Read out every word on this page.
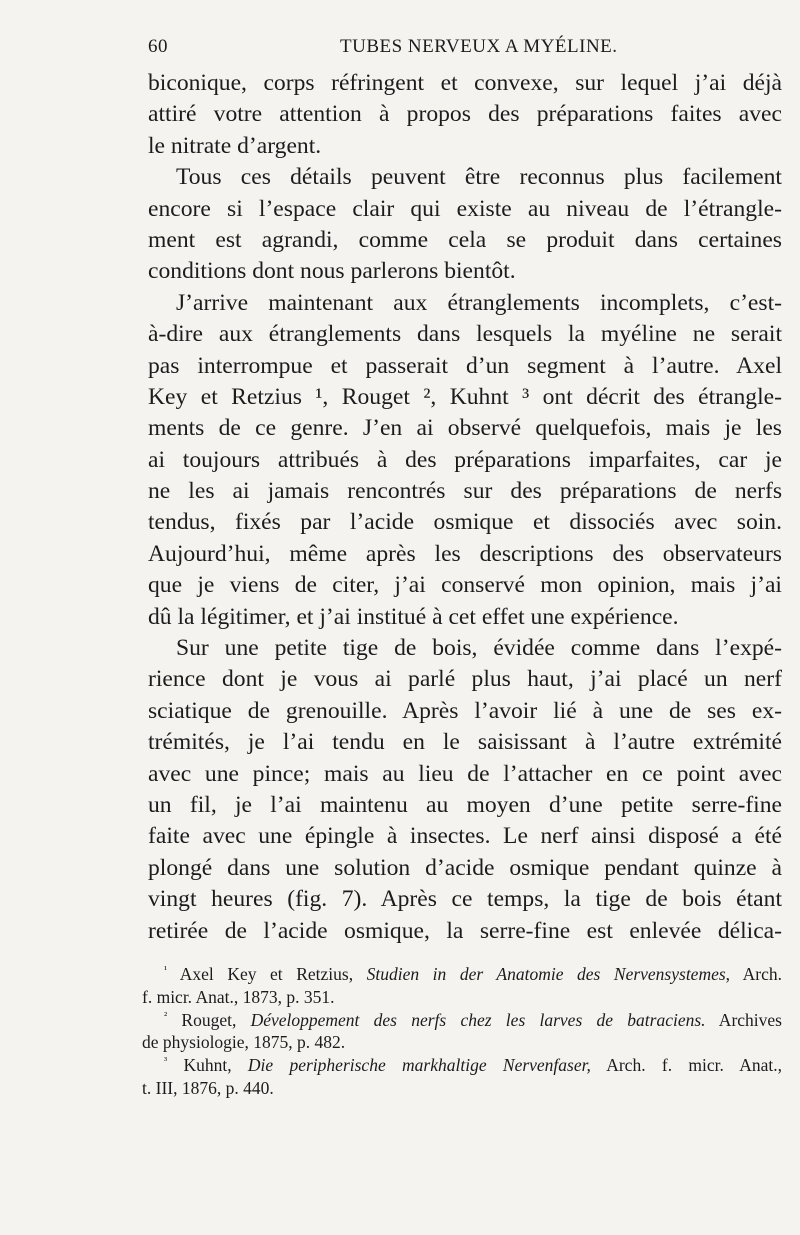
60	TUBES NERVEUX A MYÉLINE.
biconique, corps réfringent et convexe, sur lequel j’ai déjà
attiré votre attention à propos des préparations faites avec
le nitrate d’argent.
Tous ces détails peuvent être reconnus plus facilement
encore si l’espace clair qui existe au niveau de l’étrangle-
ment est agrandi, comme cela se produit dans certaines
conditions dont nous parlerons bientôt.
J’arrive maintenant aux étranglements incomplets, c’est-
à-dire aux étranglements dans lesquels la myéline ne serait
pas interrompue et passerait d’un segment à l’autre. Axel
Key et Retzius ¹, Rouget ², Kuhnt ³ ont décrit des étrangle-
ments de ce genre. J’en ai observé quelquefois, mais je les
ai toujours attribués à des préparations imparfaites, car je
ne les ai jamais rencontrés sur des préparations de nerfs
tendus, fixés par l’acide osmique et dissociés avec soin.
Aujourd’hui, même après les descriptions des observateurs
que je viens de citer, j’ai conservé mon opinion, mais j’ai
dû la légitimer, et j’ai institué à cet effet une expérience.
Sur une petite tige de bois, évidée comme dans l’expé-
rience dont je vous ai parlé plus haut, j’ai placé un nerf
sciatique de grenouille. Après l’avoir lié à une de ses ex-
trémités, je l’ai tendu en le saisissant à l’autre extrémité
avec une pince; mais au lieu de l’attacher en ce point avec
un fil, je l’ai maintenu au moyen d’une petite serre-fine
faite avec une épingle à insectes. Le nerf ainsi disposé a été
plongé dans une solution d’acide osmique pendant quinze à
vingt heures (fig. 7). Après ce temps, la tige de bois étant
retirée de l’acide osmique, la serre-fine est enlevée délica-
$^{^1}$ Axel Key et Retzius, Studien in der Anatomie des Nervensystemes, Arch.
f. micr. Anat., 1873, p. 351.
$^{^2}$ Rouget, Développement des nerfs chez les larves de batraciens. Archives
de physiologie, 1875, p. 482.
$^{^3}$ Kuhnt, Die peripherische markhaltige Nervenfaser, Arch. f. micr. Anat.,
t. III, 1876, p. 440.
